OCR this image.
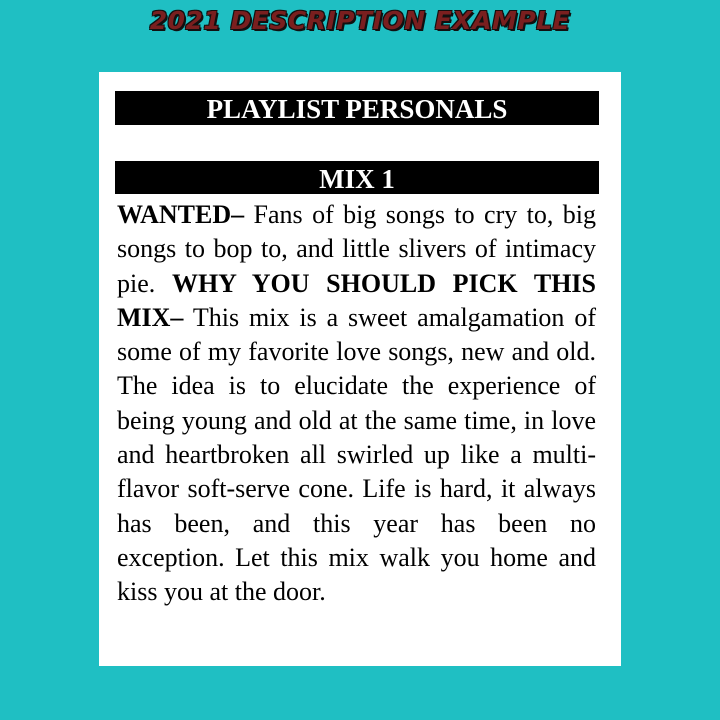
2021 DESCRIPTION EXAMPLE
PLAYLIST PERSONALS
MIX 1

WANTED– Fans of big songs to cry to, big songs to bop to, and little slivers of intimacy pie. WHY YOU SHOULD PICK THIS MIX– This mix is a sweet amalgamation of some of my favorite love songs, new and old. The idea is to elucidate the experience of being young and old at the same time, in love and heartbroken all swirled up like a multi-flavor soft-serve cone. Life is hard, it always has been, and this year has been no exception. Let this mix walk you home and kiss you at the door.
